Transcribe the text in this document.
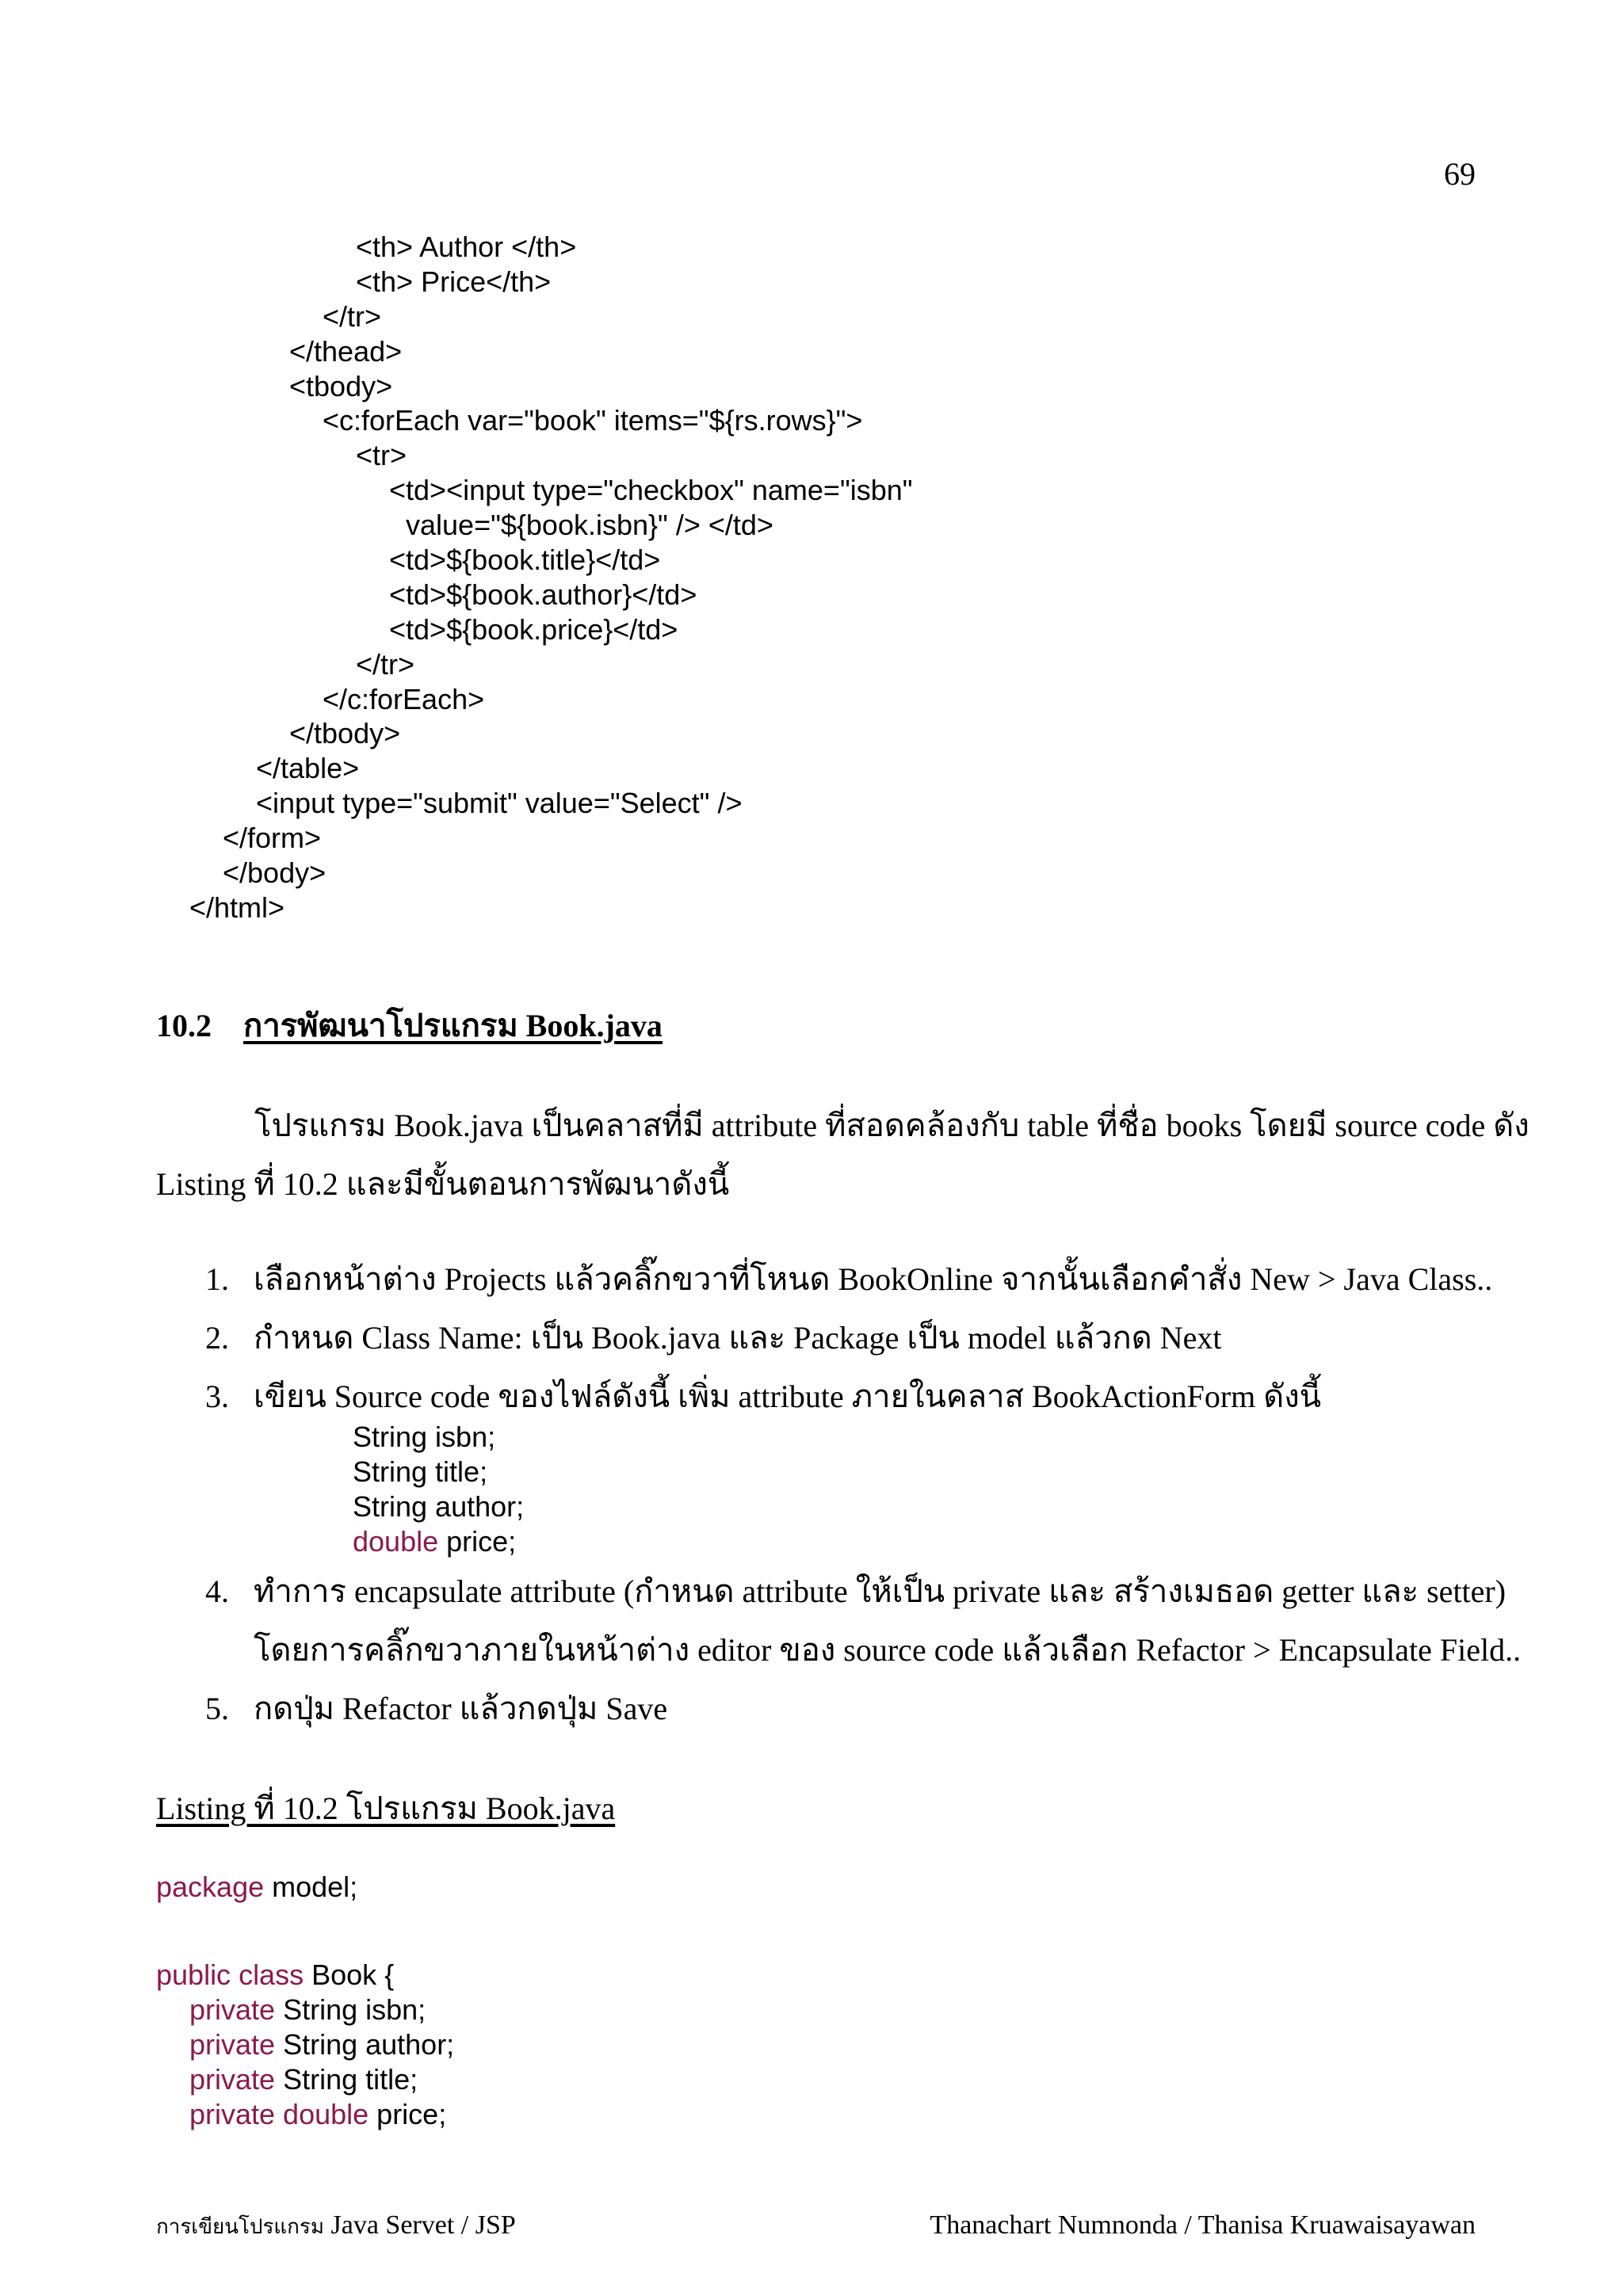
69
<th> Author </th>
<th> Price</th>
</tr>
</thead>
<tbody>
<c:forEach var="book" items="${rs.rows}">
<tr>
<td><input type="checkbox" name="isbn"
value="${book.isbn}" /> </td>
<td>${book.title}</td>
<td>${book.author}</td>
<td>${book.price}</td>
</tr>
</c:forEach>
</tbody>
</table>
<input type="submit" value="Select" />
</form>
</body>
</html>
10.2 การพัฒนาโปรแกรม Book.java
โปรแกรม Book.java เป็นคลาสที่มี attribute ที่สอดคล้องกับ table ที่ชื่อ books โดยมี source code ดัง
Listing ที่ 10.2 และมีขั้นตอนการพัฒนาดังนี้
1. เลือกหน้าต่าง Projects แล้วคลิ๊กขวาที่โหนด BookOnline จากนั้นเลือกคำสั่ง New > Java Class..
2. กำหนด Class Name: เป็น Book.java และ Package เป็น model แล้วกด Next
3. เขียน Source code ของไฟล์ดังนี้ เพิ่ม attribute ภายในคลาส BookActionForm ดังนี้
String isbn;
String title;
String author;
double price;
4. ทำการ encapsulate attribute (กำหนด attribute ให้เป็น private และ สร้างเมธอด getter และ setter)
โดยการคลิ๊กขวาภายในหน้าต่าง editor ของ source code แล้วเลือก Refactor > Encapsulate Field..
5. กดปุ่ม Refactor แล้วกดปุ่ม Save
Listing ที่ 10.2 โปรแกรม Book.java
package model;
public class Book {
private String isbn;
private String author;
private String title;
private double price;
การเขียนโปรแกรม Java Servet / JSP	Thanachart Numnonda / Thanisa Kruawaisayawan
